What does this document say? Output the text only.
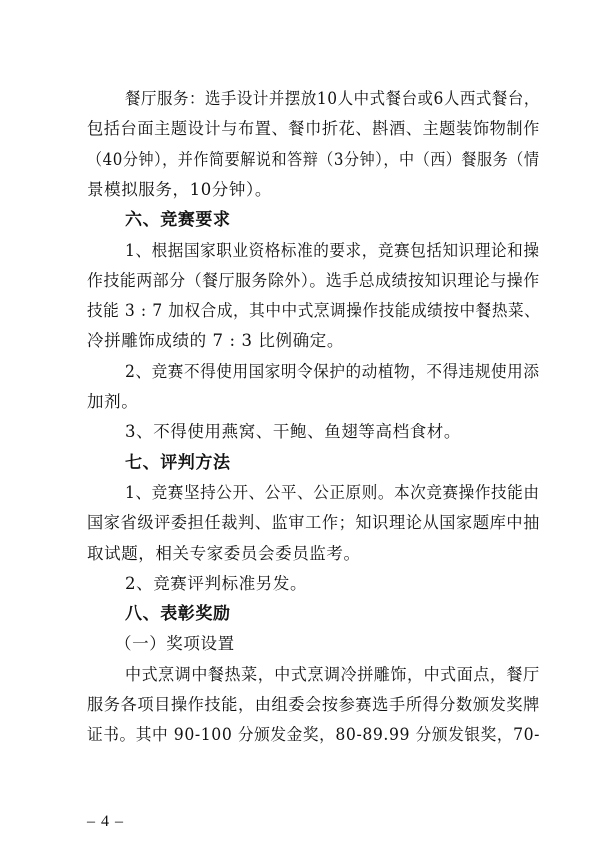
餐厅服务：选手设计并摆放10人中式餐台或6人西式餐台，
包括台面主题设计与布置、餐巾折花、斟酒、主题装饰物制作
（40分钟），并作简要解说和答辩（3分钟），中（西）餐服务（情
景模拟服务，10分钟）。
六、竞赛要求
1、根据国家职业资格标准的要求，竞赛包括知识理论和操
作技能两部分（餐厅服务除外）。选手总成绩按知识理论与操作
技能 3 : 7 加权合成，其中中式烹调操作技能成绩按中餐热菜、
冷拼雕饰成绩的 7 : 3 比例确定。
2、竞赛不得使用国家明令保护的动植物，不得违规使用添
加剂。
3、不得使用燕窝、干鲍、鱼翅等高档食材。
七、评判方法
1、竞赛坚持公开、公平、公正原则。本次竞赛操作技能由
国家省级评委担任裁判、监审工作；知识理论从国家题库中抽
取试题，相关专家委员会委员监考。
2、竞赛评判标准另发。
八、表彰奖励
（一）奖项设置
中式烹调中餐热菜，中式烹调冷拼雕饰，中式面点，餐厅
服务各项目操作技能，由组委会按参赛选手所得分数颁发奖牌
证书。其中 90-100 分颁发金奖，80-89.99 分颁发银奖，70-
– 4 –
